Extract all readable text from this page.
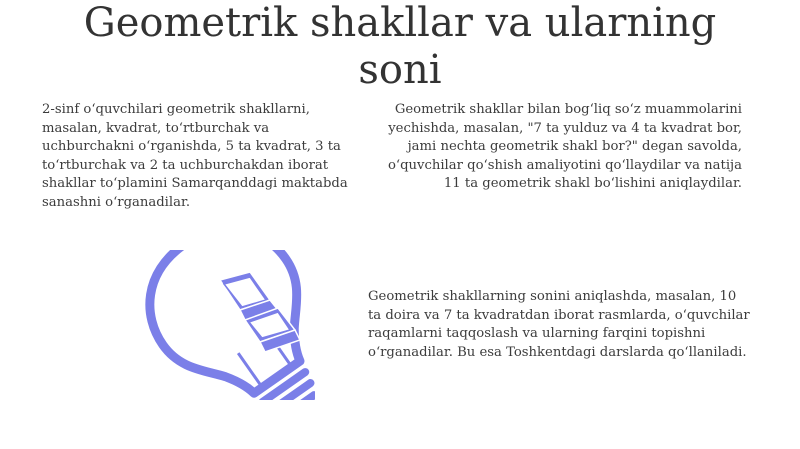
Geometrik shakllar va ularning soni

2-sinf o‘quvchilari geometrik shakllarni, masalan, kvadrat, to‘rtburchak va uchburchakni o‘rganishda, 5 ta kvadrat, 3 ta to‘rtburchak va 2 ta uchburchakdan iborat shakllar to‘plamini Samarqanddagi maktabda sanashni o‘rganadilar.

Geometrik shakllar bilan bog‘liq so‘z muammolarini yechishda, masalan, "7 ta yulduz va 4 ta kvadrat bor, jami nechta geometrik shakl bor?" degan savolda, o‘quvchilar qo‘shish amaliyotini qo‘llaydilar va natija 11 ta geometrik shakl bo‘lishini aniqlaydilar.

Geometrik shakllarning sonini aniqlashda, masalan, 10 ta doira va 7 ta kvadratdan iborat rasmlarda, o‘quvchilar raqamlarni taqqoslash va ularning farqini topishni o‘rganadilar. Bu esa Toshkentdagi darslarda qo‘llaniladi.
